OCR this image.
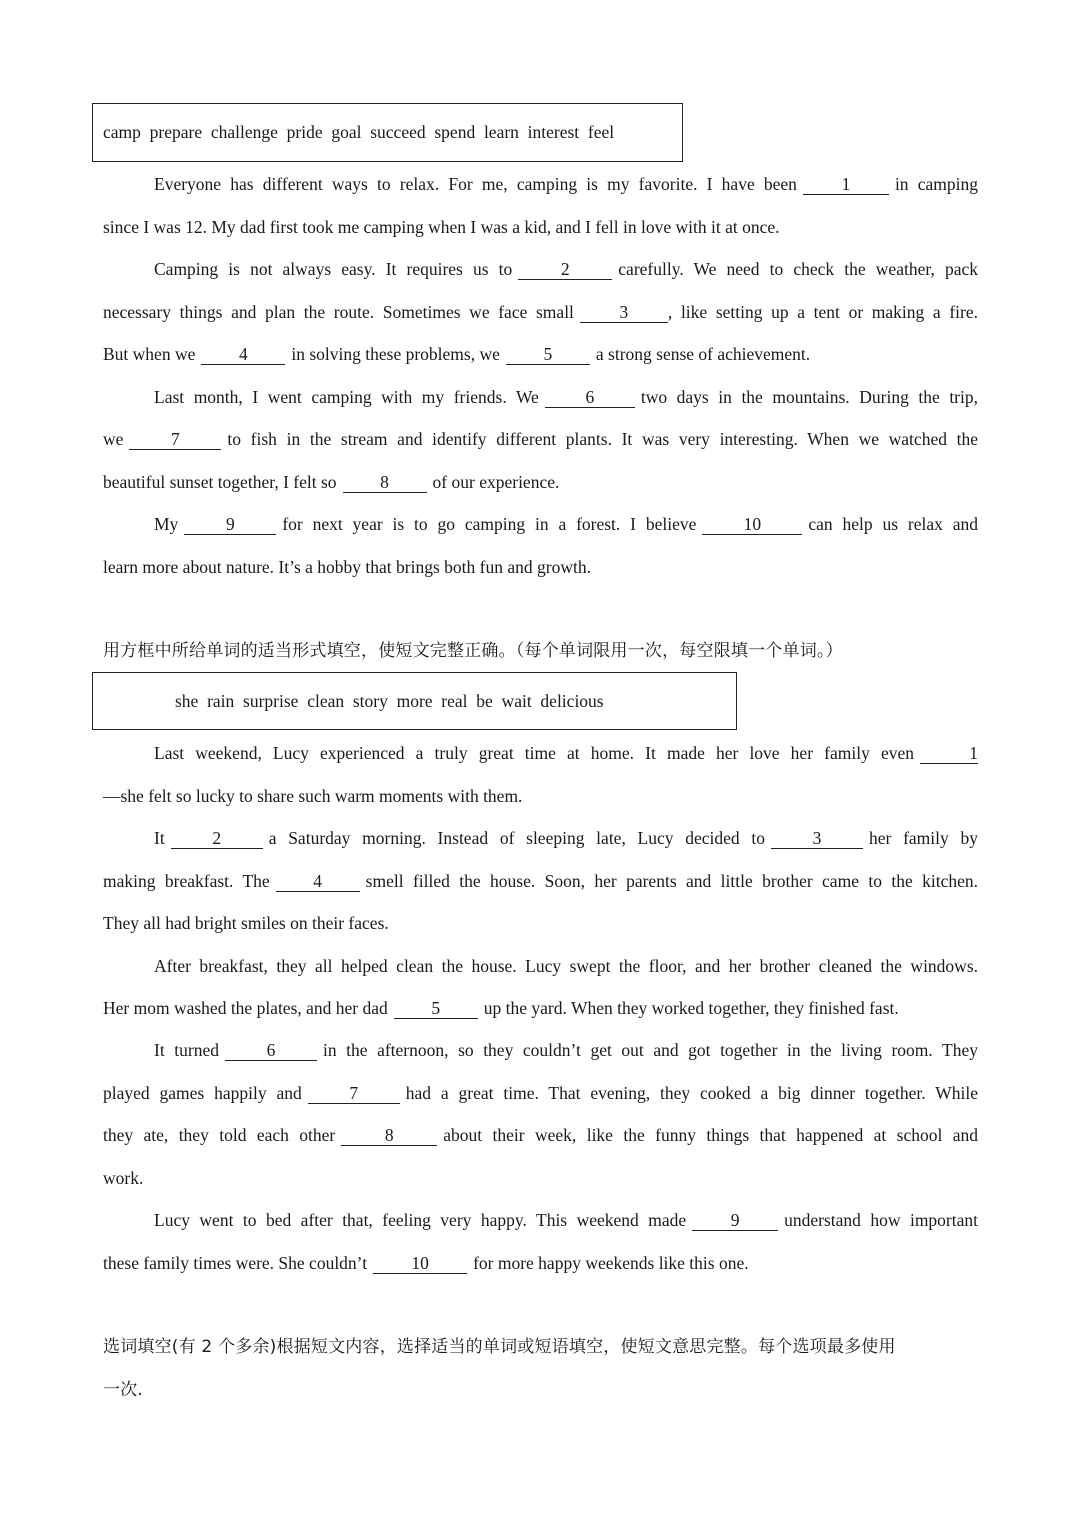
camp  prepare  challenge  pride  goal  succeed  spend  learn  interest  feel
Everyone has different ways to relax. For me, camping is my favorite. I have been	1	in camping
since I was 12. My dad first took me camping when I was a kid, and I fell in love with it at once.
Camping is not always easy. It requires us to	2	carefully. We need to check the weather, pack
necessary things and plan the route. Sometimes we face small	3 , like setting up a tent or making a fire.
But when we 4 in solving these problems, we 5 a strong sense of achievement.
Last month, I went camping with my friends. We	6	two days in the mountains. During the trip,
we	7	to fish in the stream and identify different plants. It was very interesting. When we watched the
beautiful sunset together, I felt so 8 of our experience.
My	9	for next year is to go camping in a forest. I believe	10	can help us relax and
learn more about nature. It’s a hobby that brings both fun and growth.
用方框中所给单词的适当形式填空，使短文完整正确。（每个单词限用一次，每空限填一个单词。）
she  rain  surprise  clean  story  more  real  be  wait  delicious
Last weekend, Lucy experienced a truly great time at home. It made her love her family even	1
—she felt so lucky to share such warm moments with them.
It	2	a Saturday morning. Instead of sleeping late, Lucy decided to	3	her family by
making breakfast. The 4 smell filled the house. Soon, her parents and little brother came to the kitchen.
They all had bright smiles on their faces.
After breakfast, they all helped clean the house. Lucy swept the floor, and her brother cleaned the windows.
Her mom washed the plates, and her dad 5 up the yard. When they worked together, they finished fast.
It turned	6	in the afternoon, so they couldn’t get out and got together in the living room. They
played games happily and	7	had a great time. That evening, they cooked a big dinner together. While
they ate, they told each other	8	about their week, like the funny things that happened at school and
work.
Lucy went to bed after that, feeling very happy. This weekend made	9	understand how important
these family times were. She couldn’t	10	for more happy weekends like this one.
选词填空(有 2 个多余)根据短文内容，选择适当的单词或短语填空，使短文意思完整。每个选项最多使用
一次.
